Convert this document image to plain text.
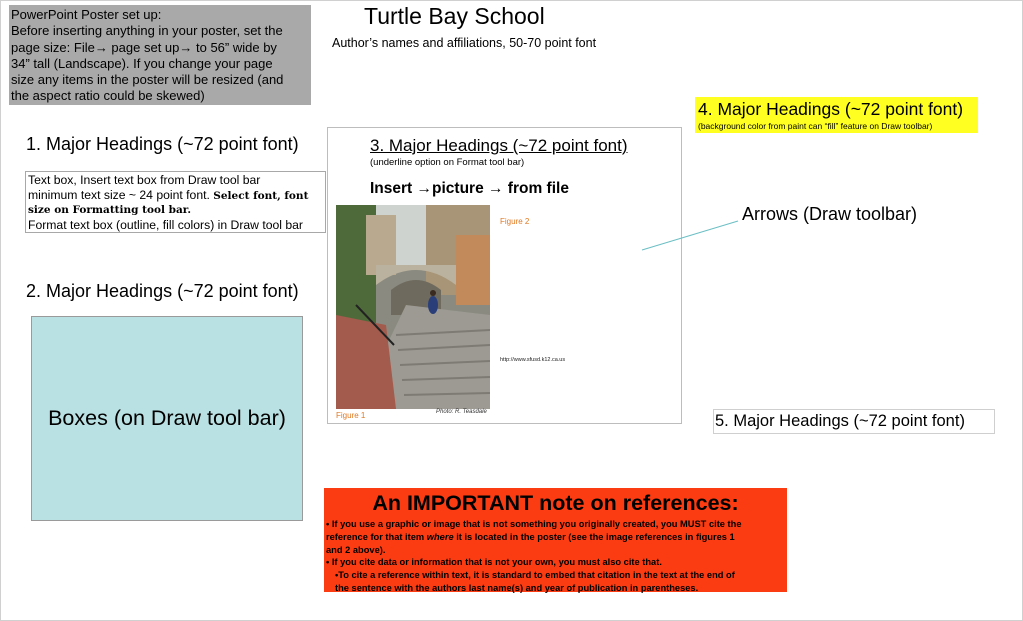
PowerPoint Poster set up:
Before inserting anything in your poster, set the
page size: File→ page set up→ to 56” wide by
34” tall (Landscape). If you change your page
size any items in the poster will be resized (and
the aspect ratio could be skewed)
Turtle Bay School
Author’s names and affiliations, 50-70 point font
1. Major Headings (~72 point font)
Text box, Insert text box from Draw tool bar
minimum text size ~ 24 point font. Select font, font
size on Formatting tool bar.
Format text box (outline, fill colors) in Draw tool bar
2. Major Headings (~72 point font)
Boxes (on Draw tool bar)
3. Major Headings (~72 point font)
(underline option on Format tool bar)
Insert →picture → from file
Figure 2
http://www.sfusd.k12.ca.us
Figure 1	Photo: R. Teasdale
4. Major Headings (~72 point font)
(background color from paint can “fill” feature on Draw toolbar)
Arrows (Draw toolbar)
5. Major Headings (~72 point font)
An IMPORTANT note on references:
• If you use a graphic or image that is not something you originally created, you MUST cite the
reference for that item where it is located in the poster (see the image references in figures 1
and 2 above).
• If you cite data or information that is not your own, you must also cite that.
•To cite a reference within text, it is standard to embed that citation in the text at the end of
the sentence with the authors last name(s) and year of publication in parentheses.
